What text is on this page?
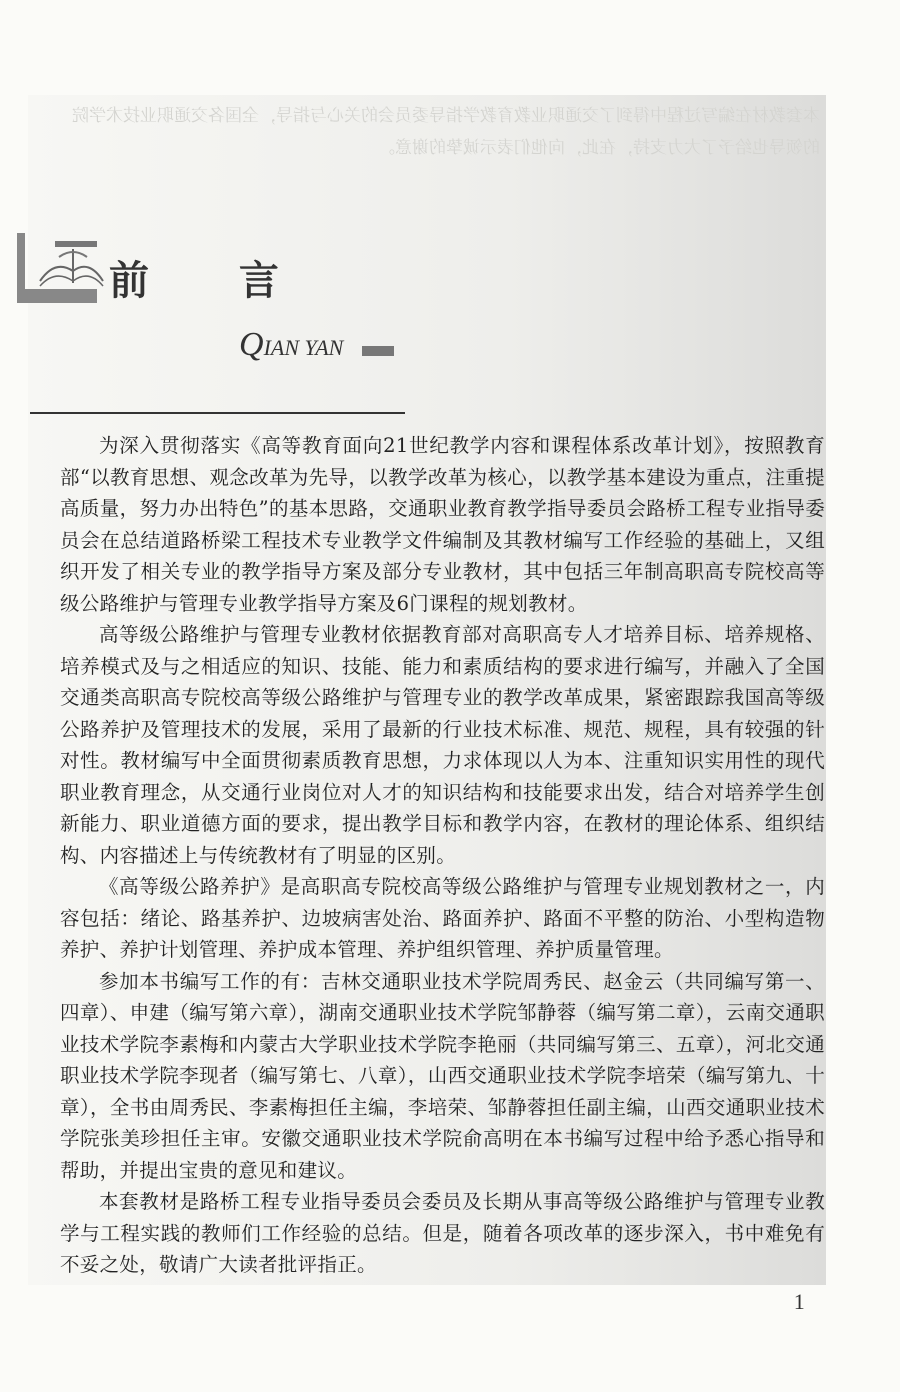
本套教材在编写过程中得到了交通职业教育教学指导委员会的关心与指导，全国各交通职业技术学院的领导也给予了大力支持，在此，向他们表示诚挚的谢意。
前 言
QIAN YAN

为深入贯彻落实《高等教育面向21世纪教学内容和课程体系改革计划》，按照教育部“以教育思想、观念改革为先导，以教学改革为核心，以教学基本建设为重点，注重提高质量，努力办出特色”的基本思路，交通职业教育教学指导委员会路桥工程专业指导委员会在总结道路桥梁工程技术专业教学文件编制及其教材编写工作经验的基础上，又组织开发了相关专业的教学指导方案及部分专业教材，其中包括三年制高职高专院校高等级公路维护与管理专业教学指导方案及6门课程的规划教材。

高等级公路维护与管理专业教材依据教育部对高职高专人才培养目标、培养规格、培养模式及与之相适应的知识、技能、能力和素质结构的要求进行编写，并融入了全国交通类高职高专院校高等级公路维护与管理专业的教学改革成果，紧密跟踪我国高等级公路养护及管理技术的发展，采用了最新的行业技术标准、规范、规程，具有较强的针对性。教材编写中全面贯彻素质教育思想，力求体现以人为本、注重知识实用性的现代职业教育理念，从交通行业岗位对人才的知识结构和技能要求出发，结合对培养学生创新能力、职业道德方面的要求，提出教学目标和教学内容，在教材的理论体系、组织结构、内容描述上与传统教材有了明显的区别。

《高等级公路养护》是高职高专院校高等级公路维护与管理专业规划教材之一，内容包括：绪论、路基养护、边坡病害处治、路面养护、路面不平整的防治、小型构造物养护、养护计划管理、养护成本管理、养护组织管理、养护质量管理。

参加本书编写工作的有：吉林交通职业技术学院周秀民、赵金云（共同编写第一、四章）、申建（编写第六章），湖南交通职业技术学院邹静蓉（编写第二章），云南交通职业技术学院李素梅和内蒙古大学职业技术学院李艳丽（共同编写第三、五章），河北交通职业技术学院李现者（编写第七、八章），山西交通职业技术学院李培荣（编写第九、十章），全书由周秀民、李素梅担任主编，李培荣、邹静蓉担任副主编，山西交通职业技术学院张美珍担任主审。安徽交通职业技术学院俞高明在本书编写过程中给予悉心指导和帮助，并提出宝贵的意见和建议。

本套教材是路桥工程专业指导委员会委员及长期从事高等级公路维护与管理专业教学与工程实践的教师们工作经验的总结。但是，随着各项改革的逐步深入，书中难免有不妥之处，敬请广大读者批评指正。

1
